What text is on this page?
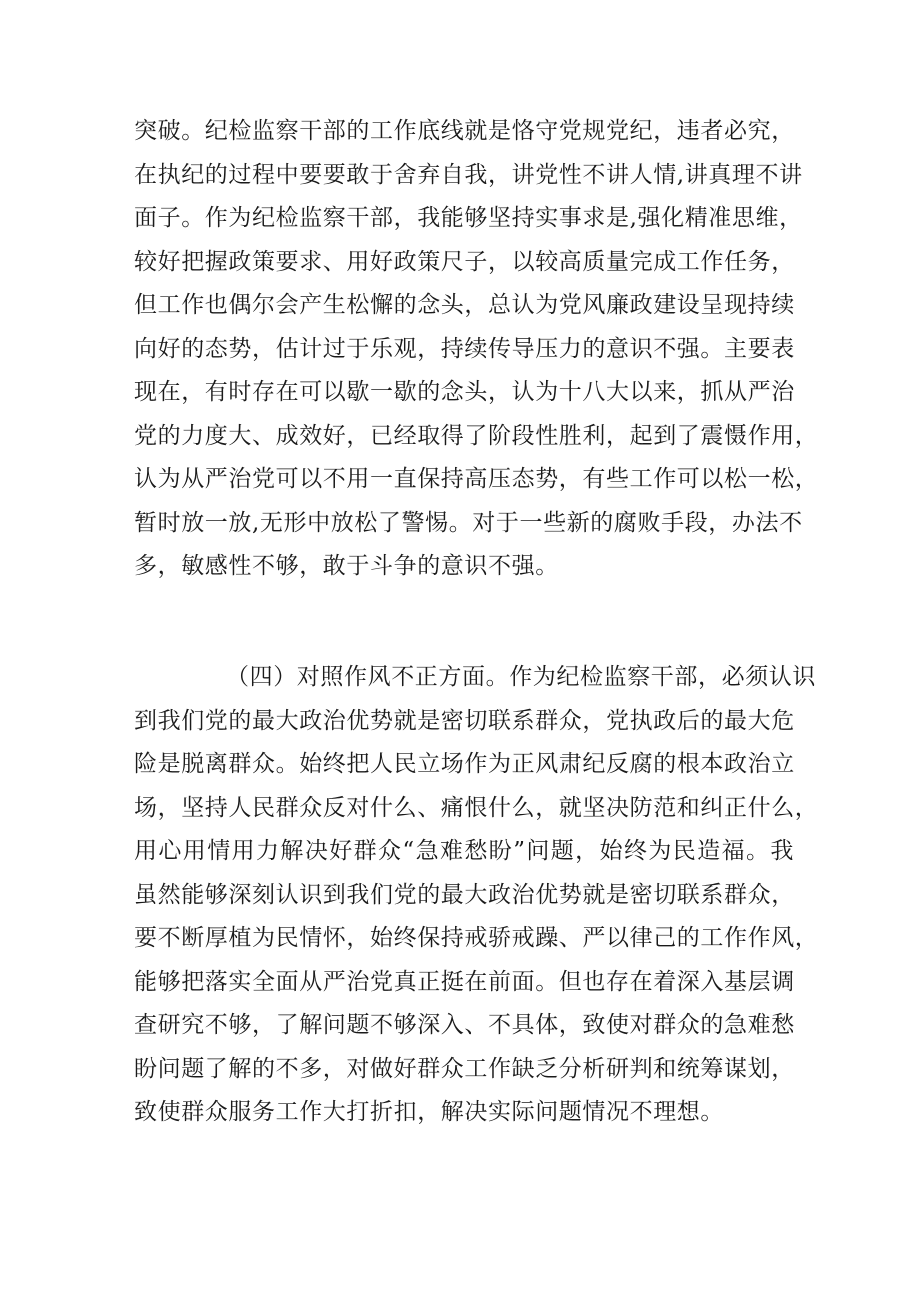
突破。纪检监察干部的工作底线就是恪守党规党纪，违者必究，
在执纪的过程中要要敢于舍弃自我，讲党性不讲人情,讲真理不讲
面子。作为纪检监察干部，我能够坚持实事求是,强化精准思维，
较好把握政策要求、用好政策尺子，以较高质量完成工作任务，
但工作也偶尔会产生松懈的念头，总认为党风廉政建设呈现持续
向好的态势，估计过于乐观，持续传导压力的意识不强。主要表
现在，有时存在可以歇一歇的念头，认为十八大以来，抓从严治
党的力度大、成效好，已经取得了阶段性胜利，起到了震慑作用，
认为从严治党可以不用一直保持高压态势，有些工作可以松一松，
暂时放一放,无形中放松了警惕。对于一些新的腐败手段，办法不
多，敏感性不够，敢于斗争的意识不强。
（四）对照作风不正方面。作为纪检监察干部，必须认识
到我们党的最大政治优势就是密切联系群众，党执政后的最大危
险是脱离群众。始终把人民立场作为正风肃纪反腐的根本政治立
场，坚持人民群众反对什么、痛恨什么，就坚决防范和纠正什么，
用心用情用力解决好群众“急难愁盼”问题，始终为民造福。我
虽然能够深刻认识到我们党的最大政治优势就是密切联系群众，
要不断厚植为民情怀，始终保持戒骄戒躁、严以律己的工作作风，
能够把落实全面从严治党真正挺在前面。但也存在着深入基层调
查研究不够，了解问题不够深入、不具体，致使对群众的急难愁
盼问题了解的不多，对做好群众工作缺乏分析研判和统筹谋划，
致使群众服务工作大打折扣，解决实际问题情况不理想。
